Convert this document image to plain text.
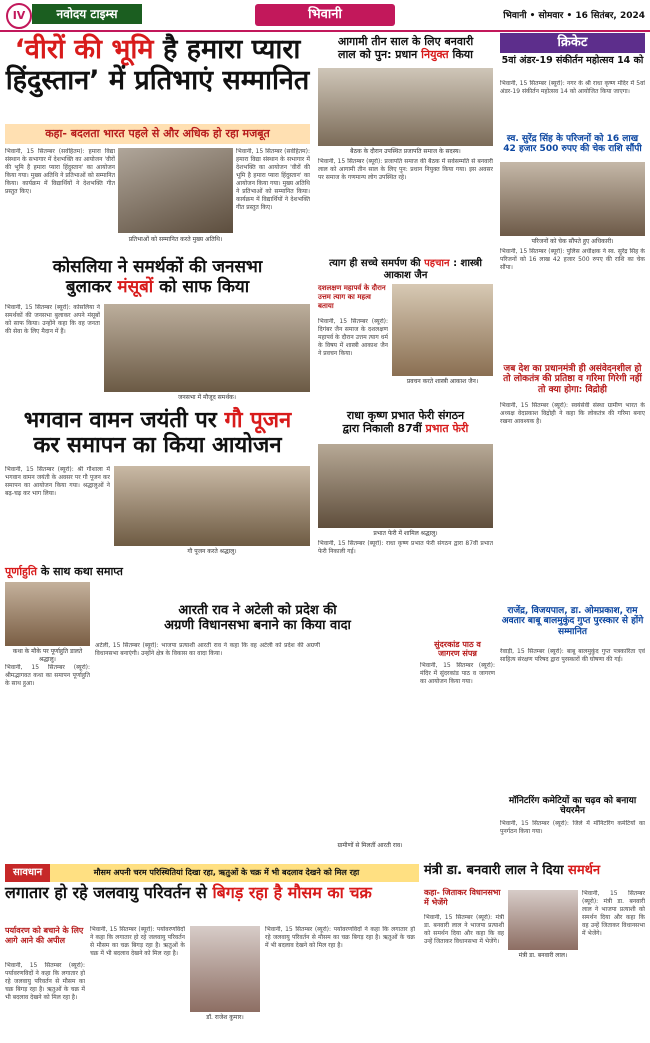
IV	नवोदय टाइम्स	भिवानी	भिवानी • सोमवार • 16 सितंबर, 2024
‘वीरों की भूमि है हमारा प्यारा
हिंदुस्तान’ में प्रतिभाएं सम्मानित
कहा- बदलता भारत पहले से और अधिक हो रहा मजबूत
भिवानी, 15 सितम्बर (सर्वहितम): हमारा विद्या संस्थान के सभागार में देशभक्ति का आयोजन 'वीरों की भूमि है हमारा प्यारा हिंदुस्तान' का आयोजन किया गया। मुख्य अतिथि ने प्रतिभाओं को सम्मानित किया। कार्यक्रम में विद्यार्थियों ने देशभक्ति गीत प्रस्तुत किए।
भिवानी, 15 सितम्बर (सर्वहितम): हमारा विद्या संस्थान के सभागार में देशभक्ति का आयोजन 'वीरों की भूमि है हमारा प्यारा हिंदुस्तान' का आयोजन किया गया। मुख्य अतिथि ने प्रतिभाओं को सम्मानित किया। कार्यक्रम में विद्यार्थियों ने देशभक्ति गीत प्रस्तुत किए।
प्रतिभाओं को सम्मानित करते मुख्य अतिथि।
आगामी तीन साल के लिए बनवारी
लाल को पुन: प्रधान नियुक्त किया
बैठक के दौरान उपस्थित प्रजापति समाज के सदस्य।
भिवानी, 15 सितम्बर (ब्यूरो): प्रजापति समाज की बैठक में सर्वसम्मति से बनवारी लाल को आगामी तीन साल के लिए पुन: प्रधान नियुक्त किया गया। इस अवसर पर समाज के गणमान्य लोग उपस्थित रहे।
क्रिकेट
5वां अंडर-19 संकीर्तन महोत्सव 14 को
भिवानी, 15 सितम्बर (ब्यूरो): नगर के श्री राधा कृष्ण मंदिर में 5वां अंडर-19 संकीर्तन महोत्सव 14 को आयोजित किया जाएगा।
स्व. सुरेंद्र सिंह के परिजनों को 16 लाख 42 हजार 500 रुपए की चेक राशि सौंपी
परिजनों को चेक सौंपते हुए अधिकारी।
भिवानी, 15 सितम्बर (ब्यूरो): पुलिस अधीक्षक ने स्व. सुरेंद्र सिंह के परिजनों को 16 लाख 42 हजार 500 रुपए की राशि का चेक सौंपा।
जब देश का प्रधानमंत्री ही असंवेदनशील हो तो लोकतंत्र की प्रतिष्ठा व गरिमा गिरेगी नहीं तो क्या होगा: विद्रोही
भिवानी, 15 सितम्बर (ब्यूरो): स्वयंसेवी संस्था ग्रामीण भारत के अध्यक्ष वेदप्रकाश विद्रोही ने कहा कि लोकतंत्र की गरिमा बनाए रखना आवश्यक है।
राजेंद्र, विजयपाल, डा. ओमप्रकाश, राम अवतार बाबू बालमुकुंद गुप्त पुरस्कार से होंगे सम्मानित
रेवाड़ी, 15 सितम्बर (ब्यूरो): बाबू बालमुकुंद गुप्त पत्रकारिता एवं साहित्य संरक्षण परिषद द्वारा पुरस्कारों की घोषणा की गई।
मॉनिटरिंग कमेटियों का चढ़व को बनाया चेयरमैन
भिवानी, 15 सितम्बर (ब्यूरो): जिले में मॉनिटरिंग कमेटियों का पुनर्गठन किया गया।
कोसलिया ने समर्थकों की जनसभा
बुलाकर मंसूबों को साफ किया
भिवानी, 15 सितम्बर (ब्यूरो): कोसलिया ने समर्थकों की जनसभा बुलाकर अपने मंसूबों को साफ किया। उन्होंने कहा कि वह जनता की सेवा के लिए मैदान में हैं।
जनसभा में मौजूद समर्थक।
त्याग ही सच्चे समर्पण की पहचान : शास्त्री आकाश जैन
दशलक्षण महापर्व के दौरान उत्तम त्याग का महत्व बताया
प्रवचन करते शास्त्री आकाश जैन।
भिवानी, 15 सितम्बर (ब्यूरो): दिगंबर जैन समाज के दशलक्षण महापर्व के दौरान उत्तम त्याग धर्म के विषय में शास्त्री आकाश जैन ने प्रवचन किया।
भगवान वामन जयंती पर गौ पूजन
कर समापन का किया आयोजन
भिवानी, 15 सितम्बर (ब्यूरो): श्री गौशाला में भगवान वामन जयंती के अवसर पर गौ पूजन कर समापन का आयोजन किया गया। श्रद्धालुओं ने बढ़-चढ़ कर भाग लिया।
गौ पूजन करते श्रद्धालु।
राधा कृष्ण प्रभात फेरी संगठन
द्वारा निकाली 87वीं प्रभात फेरी
प्रभात फेरी में शामिल श्रद्धालु।
भिवानी, 15 सितम्बर (ब्यूरो): राधा कृष्ण प्रभात फेरी संगठन द्वारा 87वीं प्रभात फेरी निकाली गई।
पूर्णाहुति के साथ कथा समाप्त
कथा के मौके पर पूर्णाहुति डालते श्रद्धालु।
भिवानी, 15 सितम्बर (ब्यूरो): श्रीमद्भागवत कथा का समापन पूर्णाहुति के साथ हुआ।
आरती राव ने अटेली को प्रदेश की
अग्रणी विधानसभा बनाने का किया वादा
अटेली, 15 सितम्बर (ब्यूरो): भाजपा प्रत्याशी आरती राव ने कहा कि वह अटेली को प्रदेश की अग्रणी विधानसभा बनाएंगी। उन्होंने क्षेत्र के विकास का वादा किया।
सुंदरकांड पाठ व
जागरण संपन्न
भिवानी, 15 सितम्बर (ब्यूरो): मंदिर में सुंदरकांड पाठ व जागरण का आयोजन किया गया।
ग्रामीणों से मिलतीं आरती राव।
सावधान	मौसम अपनी चरम परिस्थितियां दिखा रहा, ऋतुओं के चक्र में भी बदलाव देखने को मिल रहा
लगातार हो रहे जलवायु परिवर्तन से बिगड़ रहा है मौसम का चक्र
पर्यावरण को बचाने के लिए आगे आने की अपील
भिवानी, 15 सितम्बर (ब्यूरो): पर्यावरणविदों ने कहा कि लगातार हो रहे जलवायु परिवर्तन से मौसम का चक्र बिगड़ रहा है। ऋतुओं के चक्र में भी बदलाव देखने को मिल रहा है।
भिवानी, 15 सितम्बर (ब्यूरो): पर्यावरणविदों ने कहा कि लगातार हो रहे जलवायु परिवर्तन से मौसम का चक्र बिगड़ रहा है। ऋतुओं के चक्र में भी बदलाव देखने को मिल रहा है।
डॉ. राजेश कुमार।
भिवानी, 15 सितम्बर (ब्यूरो): पर्यावरणविदों ने कहा कि लगातार हो रहे जलवायु परिवर्तन से मौसम का चक्र बिगड़ रहा है। ऋतुओं के चक्र में भी बदलाव देखने को मिल रहा है।
मंत्री डा. बनवारी लाल ने दिया समर्थन
कहा- जिताकर विधानसभा में भेजेंगे
भिवानी, 15 सितम्बर (ब्यूरो): मंत्री डा. बनवारी लाल ने भाजपा प्रत्याशी को समर्थन दिया और कहा कि वह उन्हें जिताकर विधानसभा में भेजेंगे।
मंत्री डा. बनवारी लाल।
भिवानी, 15 सितम्बर (ब्यूरो): मंत्री डा. बनवारी लाल ने भाजपा प्रत्याशी को समर्थन दिया और कहा कि वह उन्हें जिताकर विधानसभा में भेजेंगे।
